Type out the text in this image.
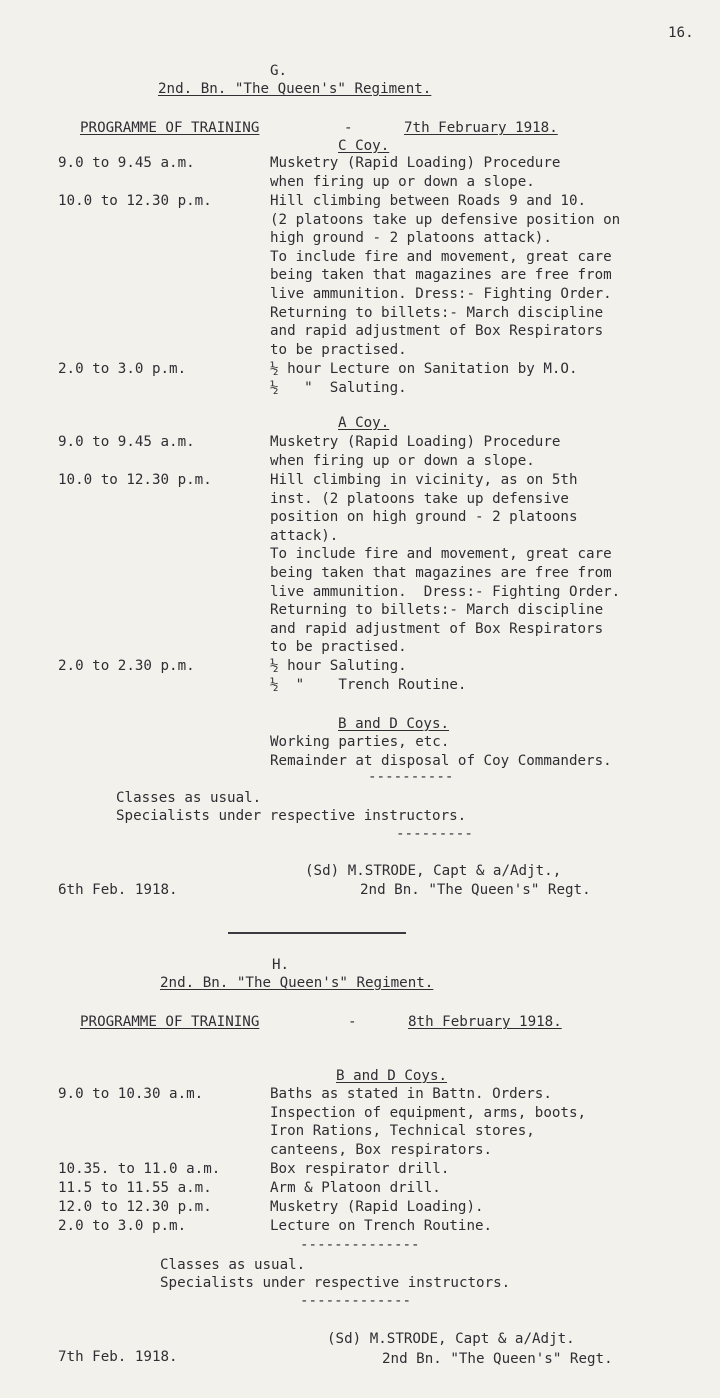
16.
G.
2nd. Bn. "The Queen's" Regiment.
PROGRAMME OF TRAINING	-	7th February 1918.
C Coy.
9.0 to 9.45 a.m.	Musketry (Rapid Loading) Procedure
when firing up or down a slope.
10.0 to 12.30 p.m.	Hill climbing between Roads 9 and 10.
(2 platoons take up defensive position on
high ground - 2 platoons attack).
To include fire and movement, great care
being taken that magazines are free from
live ammunition. Dress:- Fighting Order.
Returning to billets:- March discipline
and rapid adjustment of Box Respirators
to be practised.
2.0 to 3.0 p.m.	½ hour Lecture on Sanitation by M.O.
½   "  Saluting.
A Coy.
9.0 to 9.45 a.m.	Musketry (Rapid Loading) Procedure
when firing up or down a slope.
10.0 to 12.30 p.m.	Hill climbing in vicinity, as on 5th
inst. (2 platoons take up defensive
position on high ground - 2 platoons
attack).
To include fire and movement, great care
being taken that magazines are free from
live ammunition.  Dress:- Fighting Order.
Returning to billets:- March discipline
and rapid adjustment of Box Respirators
to be practised.
2.0 to 2.30 p.m.	½ hour Saluting.
½  "    Trench Routine.
B and D Coys.
Working parties, etc.
Remainder at disposal of Coy Commanders.
----------
Classes as usual.
Specialists under respective instructors.
---------
(Sd) M.STRODE, Capt & a/Adjt.,
2nd Bn. "The Queen's" Regt.
6th Feb. 1918.
H.
2nd. Bn. "The Queen's" Regiment.
PROGRAMME OF TRAINING	-	8th February 1918.
B and D Coys.
9.0 to 10.30 a.m.	Baths as stated in Battn. Orders.
Inspection of equipment, arms, boots,
Iron Rations, Technical stores,
canteens, Box respirators.
10.35. to 11.0 a.m.	Box respirator drill.
11.5 to 11.55 a.m.	Arm & Platoon drill.
12.0 to 12.30 p.m.	Musketry (Rapid Loading).
2.0 to 3.0 p.m.	Lecture on Trench Routine.
--------------
Classes as usual.
Specialists under respective instructors.
-------------
(Sd) M.STRODE, Capt & a/Adjt.
2nd Bn. "The Queen's" Regt.
7th Feb. 1918.
